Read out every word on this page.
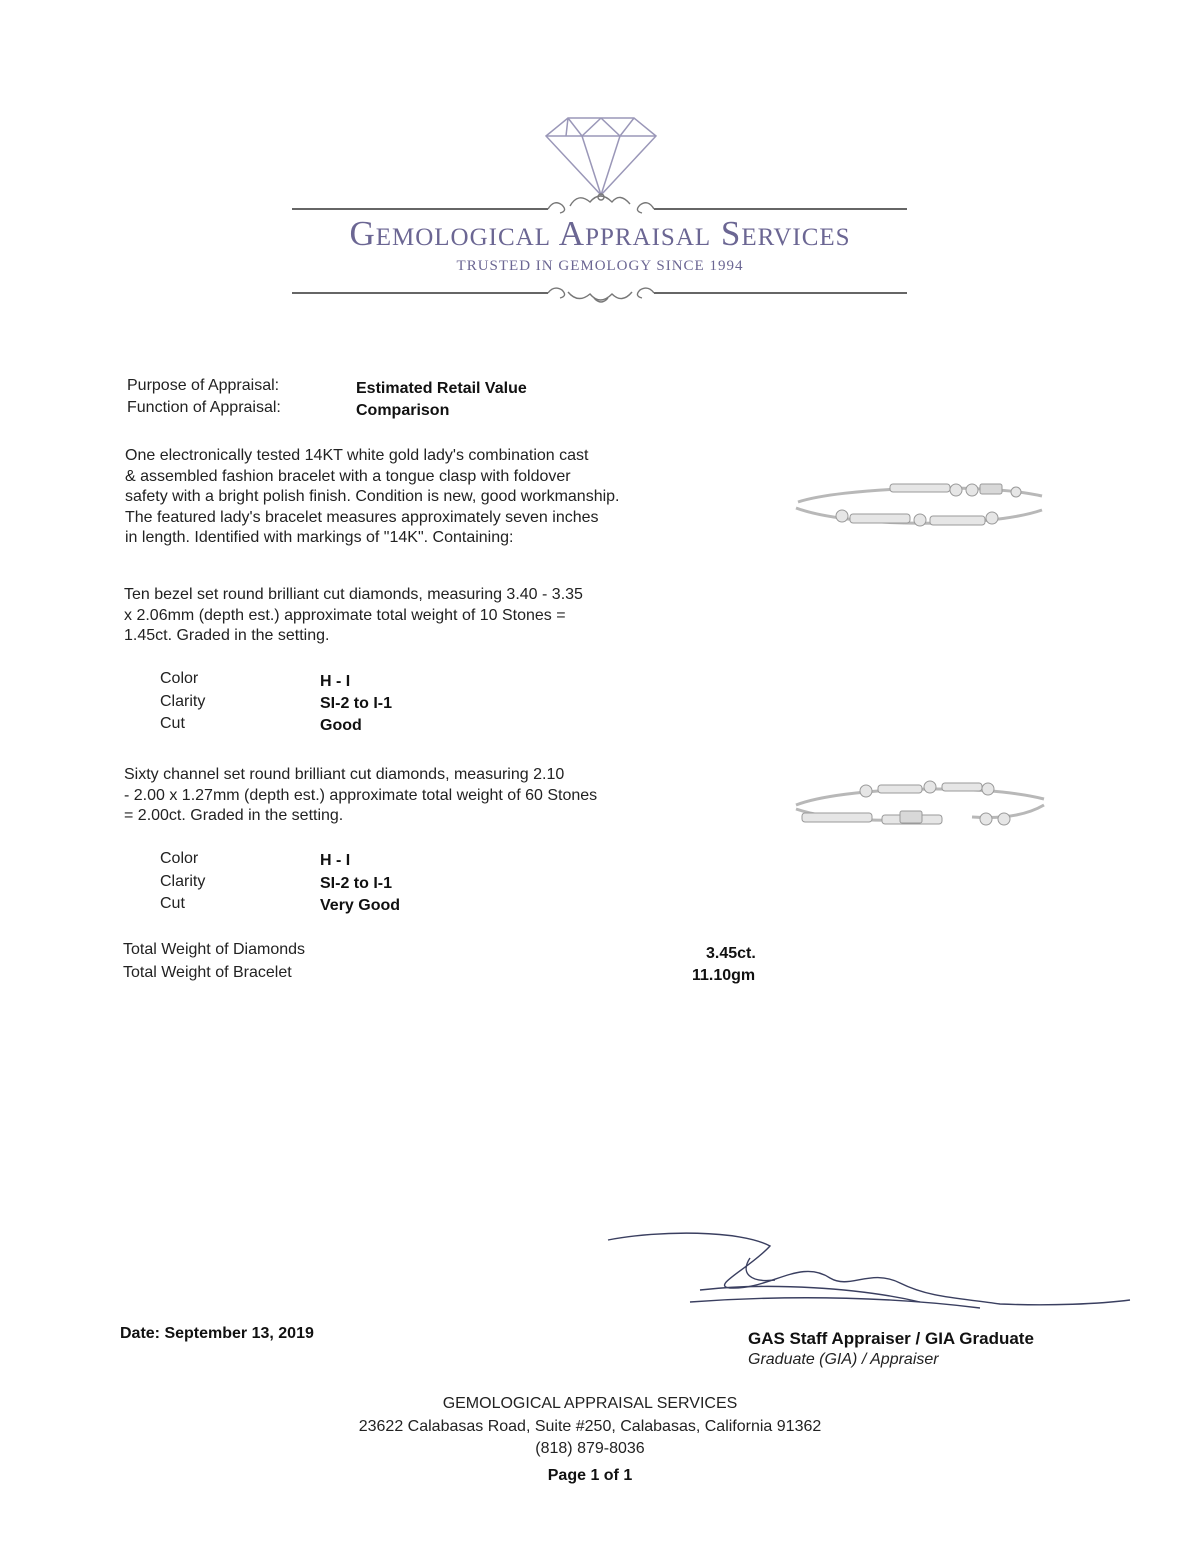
Gemological Appraisal Services
TRUSTED IN GEMOLOGY SINCE 1994
Purpose of Appraisal:	Estimated Retail Value
Function of Appraisal:	Comparison
One electronically tested 14KT white gold lady's combination cast
& assembled fashion bracelet with a tongue clasp with foldover
safety with a bright polish finish. Condition is new, good workmanship.
The featured lady's bracelet measures approximately seven inches
in length. Identified with markings of "14K". Containing:
Ten bezel set round brilliant cut diamonds, measuring 3.40 - 3.35
x 2.06mm (depth est.) approximate total weight of 10 Stones =
1.45ct. Graded in the setting.
Color	H - I
Clarity	SI-2 to I-1
Cut	Good
Sixty channel set round brilliant cut diamonds, measuring 2.10
- 2.00 x 1.27mm (depth est.) approximate total weight of 60 Stones
= 2.00ct. Graded in the setting.
Color	H - I
Clarity	SI-2 to I-1
Cut	Very Good
Total Weight of Diamonds	3.45ct.
Total Weight of Bracelet	11.10gm
Date: September 13, 2019	GAS Staff Appraiser / GIA Graduate
Graduate (GIA) / Appraiser
GEMOLOGICAL APPRAISAL SERVICES
23622 Calabasas Road, Suite #250, Calabasas, California 91362
(818) 879-8036
Page 1 of 1
